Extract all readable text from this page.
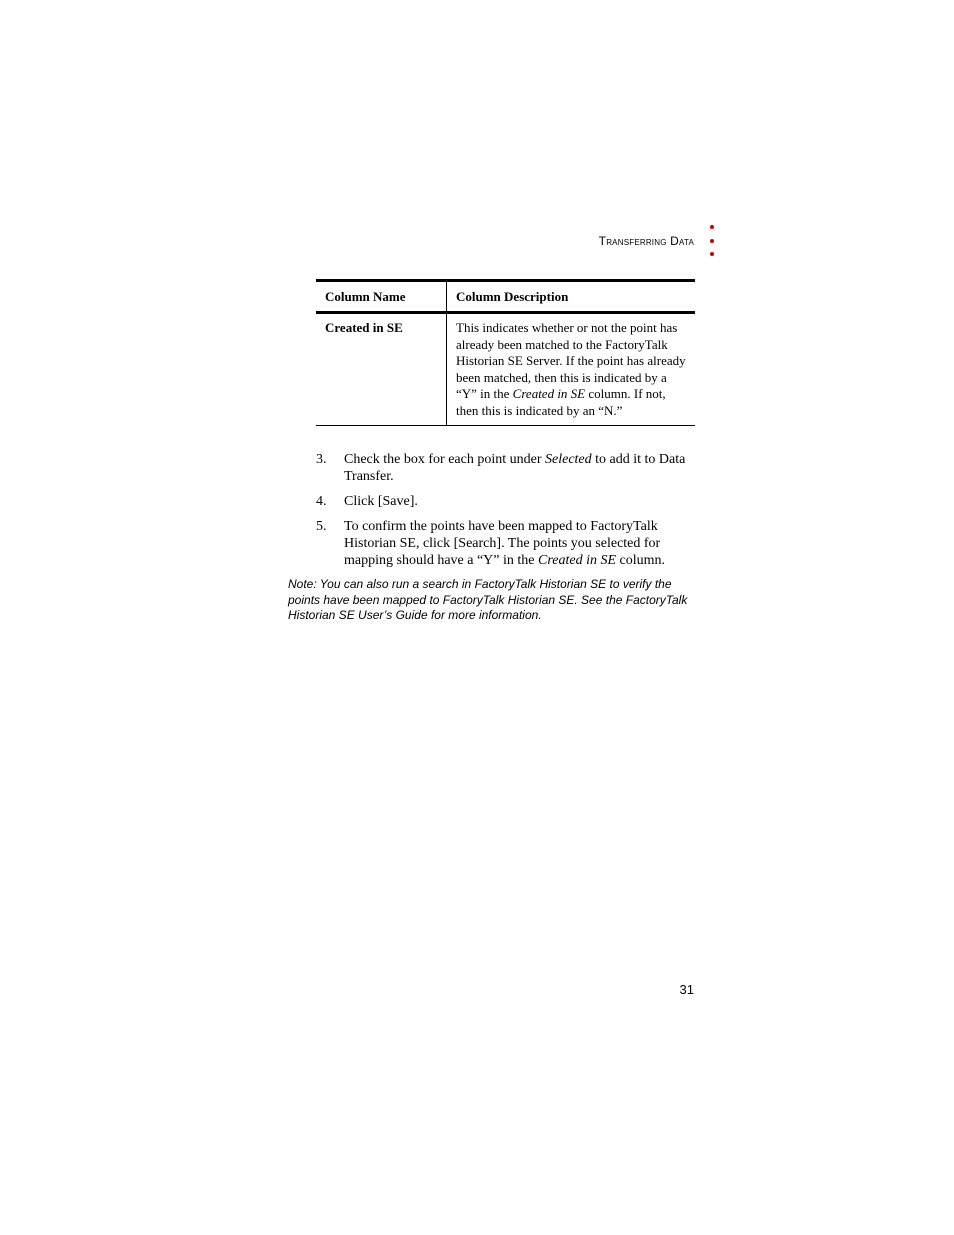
Transferring Data
Column Name	Column Description
Created in SE	This indicates whether or not the point has already been matched to the FactoryTalk Historian SE Server. If the point has already been matched, then this is indicated by a “Y” in the Created in SE column. If not, then this is indicated by an “N.”
3.	Check the box for each point under Selected to add it to Data Transfer.
4.	Click [Save].
5.	To confirm the points have been mapped to FactoryTalk Historian SE, click [Search]. The points you selected for mapping should have a “Y” in the Created in SE column.
Note: You can also run a search in FactoryTalk Historian SE to verify the points have been mapped to FactoryTalk Historian SE. See the FactoryTalk Historian SE User’s Guide for more information.
31
